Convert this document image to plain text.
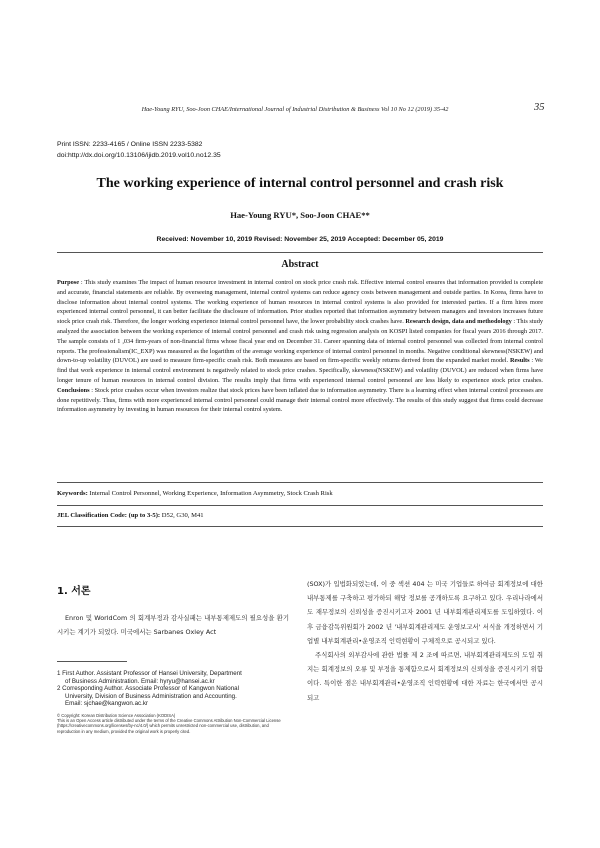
Hae-Young RYU, Soo-Joon CHAE/International Journal of Industrial Distribution & Business Vol 10 No 12 (2019) 35-42	35
Print ISSN: 2233-4165 / Online ISSN 2233-5382
doi:http://dx.doi.org/10.13106/ijidb.2019.vol10.no12.35
The working experience of internal control personnel and crash risk
Hae-Young RYU*, Soo-Joon CHAE**
Received: November 10, 2019 Revised: November 25, 2019 Accepted: December 05, 2019
Abstract
Purpose : This study examines The impact of human resource investment in internal control on stock price crash risk. Effective internal control ensures that information provided is complete and accurate, financial statements are reliable. By overseeing management, internal control systems can reduce agency costs between management and outside parties. In Korea, firms have to disclose information about internal control systems. The working experience of human resources in internal control systems is also provided for interested parties. If a firm hires more experienced internal control personnel, it can better facilitate the disclosure of information. Prior studies reported that information asymmetry between managers and investors increases future stock price crash risk. Therefore, the longer working experience internal control personnel have, the lower probability stock crashes have. Research design, data and methodology : This study analyzed the association between the working experience of internal control personnel and crash risk using regression analysis on KOSPI listed companies for fiscal years 2016 through 2017. The sample consists of 1 ,034 firm-years of non-financial firms whose fiscal year end on December 31. Career spanning data of internal control personnel was collected from internal control reports. The professionalism(IC_EXP) was measured as the logarithm of the average working experience of internal control personnel in months. Negative conditional skewness(NSKEW) and down-to-up volatility (DUVOL) are used to measure firm-specific crash risk. Both measures are based on firm-specific weekly returns derived from the expanded market model. Results : We find that work experience in internal control environment is negatively related to stock price crashes. Specifically, skewness(NSKEW) and volatility (DUVOL) are reduced when firms have longer tenure of human resources in internal control division. The results imply that firms with experienced internal control personnel are less likely to experience stock price crashes. Conclusions : Stock price crashes occur when investors realize that stock prices have been inflated due to information asymmetry. There is a learning effect when internal control processes are done repetitively. Thus, firms with more experienced internal control personnel could manage their internal control more effectively. The results of this study suggest that firms could decrease information asymmetry by investing in human resources for their internal control system.
Keywords: Internal Control Personnel, Working Experience, Information Asymmetry, Stock Crash Risk
JEL Classification Code: (up to 3-5): D52, G30, M41
1. 서론
Enron 및 WorldCom 의 회계부정과 감사실패는 내부통제제도의 필요성을 환기시키는 계기가 되었다. 미국에서는 Sarbanes Oxley Act
1 First Author. Assistant Professor of Hansei University, Department
of Business Administration. Email: hyryu@hansei.ac.kr
2 Corresponding Author. Associate Professor of Kangwon National
University, Division of Business Administration and Accounting.
Email: sjchae@kangwon.ac.kr
© Copyright: Korean Distribution Science Association (KODISA)
This is an Open Access article distributed under the terms of the Creative Commons Attribution Non-Commercial License (https://creativecommons.org/licenses/by-nc/4.0/) which permits unrestricted non-commercial use, distribution, and reproduction in any medium, provided the original work is properly cited.
(SOX)가 입법화되었는데, 이 중 섹션 404 는 미국 기업들로 하여금 회계정보에 대한 내부통제를 구축하고 평가하되 해당 정보를 공개하도록 요구하고 있다. 우리나라에서도 재무정보의 신뢰성을 증진시키고자 2001 년 내부회계관리제도를 도입하였다. 이후 금융감독위원회가 2002 년 '내부회계관리제도 운영보고서' 서식을 개정하면서 기업별 내부회계관리•운영조직 인력현황이 구체적으로 공시되고 있다.
주식회사의 외부감사에 관한 법률 제 2 조에 따르면, 내부회계관리제도의 도입 취지는 회계정보의 오류 및 부정을 통제함으로서 회계정보의 신뢰성을 증진시키기 위함이다. 특이한 점은 내부회계관리•운영조직 인력현황에 대한 자료는 한국에서만 공시되고
